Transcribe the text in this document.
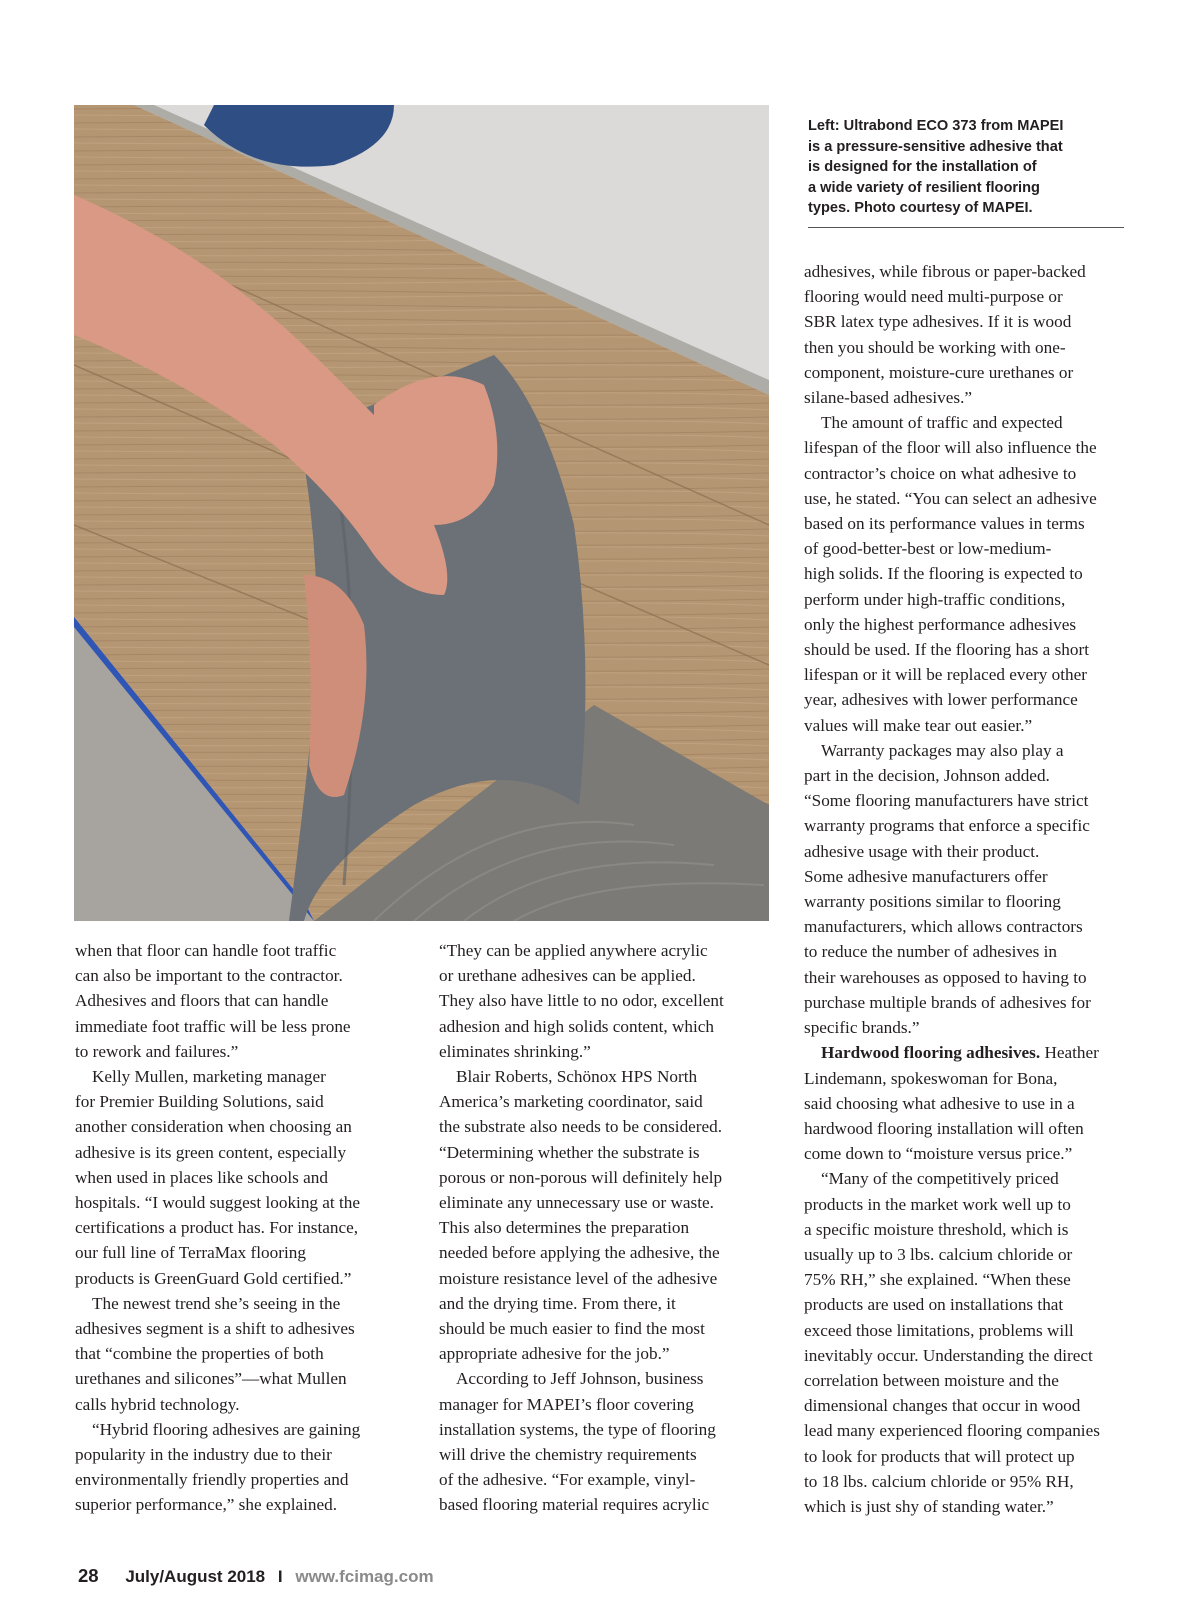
Left: Ultrabond ECO 373 from MAPEI
is a pressure-sensitive adhesive that
is designed for the installation of
a wide variety of resilient flooring
types. Photo courtesy of MAPEI.

when that floor can handle foot traffic
can also be important to the contractor.
Adhesives and floors that can handle
immediate foot traffic will be less prone
to rework and failures.”

Kelly Mullen, marketing manager
for Premier Building Solutions, said
another consideration when choosing an
adhesive is its green content, especially
when used in places like schools and
hospitals. “I would suggest looking at the
certifications a product has. For instance,
our full line of TerraMax flooring
products is GreenGuard Gold certified.”

The newest trend she’s seeing in the
adhesives segment is a shift to adhesives
that “combine the properties of both
urethanes and silicones”—what Mullen
calls hybrid technology.

“Hybrid flooring adhesives are gaining
popularity in the industry due to their
environmentally friendly properties and
superior performance,” she explained.

“They can be applied anywhere acrylic
or urethane adhesives can be applied.
They also have little to no odor, excellent
adhesion and high solids content, which
eliminates shrinking.”

Blair Roberts, Schönox HPS North
America’s marketing coordinator, said
the substrate also needs to be considered.
“Determining whether the substrate is
porous or non-porous will definitely help
eliminate any unnecessary use or waste.
This also determines the preparation
needed before applying the adhesive, the
moisture resistance level of the adhesive
and the drying time. From there, it
should be much easier to find the most
appropriate adhesive for the job.”

According to Jeff Johnson, business
manager for MAPEI’s floor covering
installation systems, the type of flooring
will drive the chemistry requirements
of the adhesive. “For example, vinyl-
based flooring material requires acrylic

adhesives, while fibrous or paper-backed
flooring would need multi-purpose or
SBR latex type adhesives. If it is wood
then you should be working with one-
component, moisture-cure urethanes or
silane-based adhesives.”

The amount of traffic and expected
lifespan of the floor will also influence the
contractor’s choice on what adhesive to
use, he stated. “You can select an adhesive
based on its performance values in terms
of good-better-best or low-medium-
high solids. If the flooring is expected to
perform under high-traffic conditions,
only the highest performance adhesives
should be used. If the flooring has a short
lifespan or it will be replaced every other
year, adhesives with lower performance
values will make tear out easier.”

Warranty packages may also play a
part in the decision, Johnson added.
“Some flooring manufacturers have strict
warranty programs that enforce a specific
adhesive usage with their product.
Some adhesive manufacturers offer
warranty positions similar to flooring
manufacturers, which allows contractors
to reduce the number of adhesives in
their warehouses as opposed to having to
purchase multiple brands of adhesives for
specific brands.”

Hardwood flooring adhesives. Heather
Lindemann, spokeswoman for Bona,
said choosing what adhesive to use in a
hardwood flooring installation will often
come down to “moisture versus price.”

“Many of the competitively priced
products in the market work well up to
a specific moisture threshold, which is
usually up to 3 lbs. calcium chloride or
75% RH,” she explained. “When these
products are used on installations that
exceed those limitations, problems will
inevitably occur. Understanding the direct
correlation between moisture and the
dimensional changes that occur in wood
lead many experienced flooring companies
to look for products that will protect up
to 18 lbs. calcium chloride or 95% RH,
which is just shy of standing water.”

28 July/August 2018 I www.fcimag.com
